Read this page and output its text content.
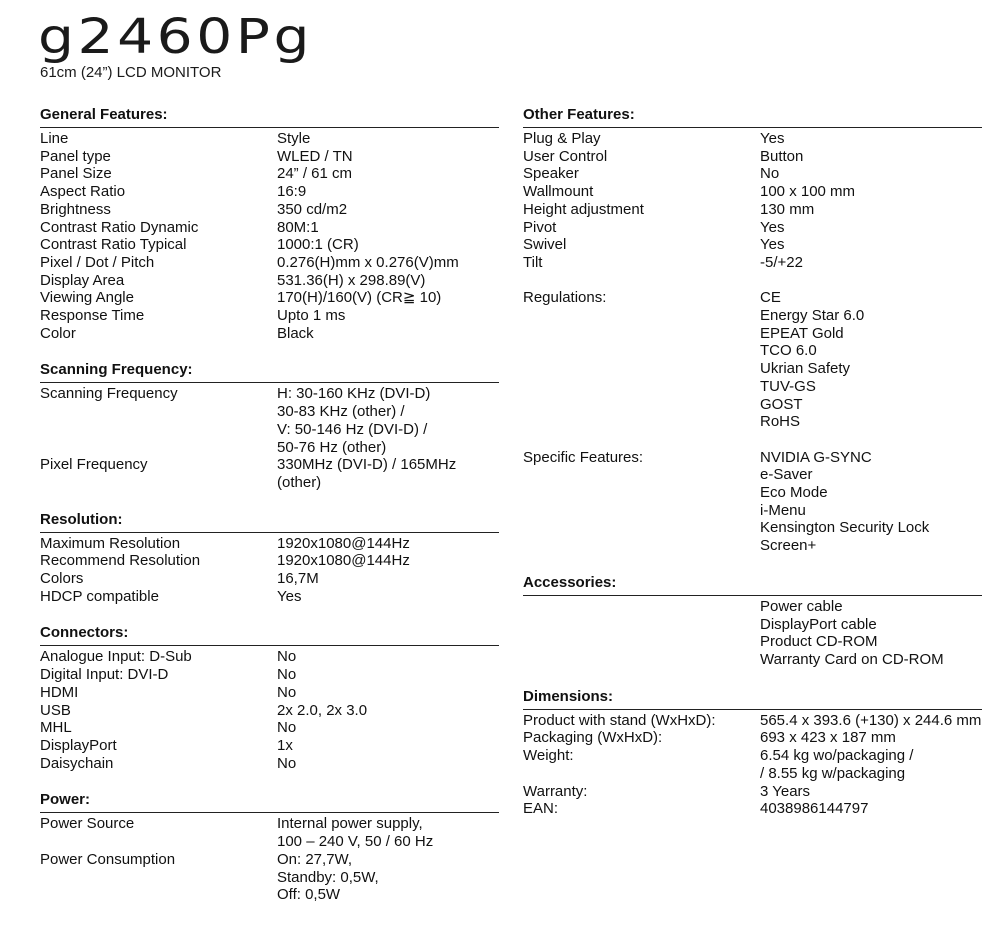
g2460Pg
61cm (24”) LCD MONITOR
General Features:
Line	Style
Panel type	WLED / TN
Panel Size	24” / 61 cm
Aspect Ratio	16:9
Brightness	350 cd/m2
Contrast Ratio Dynamic	80M:1
Contrast Ratio Typical	1000:1 (CR)
Pixel / Dot / Pitch	0.276(H)mm x 0.276(V)mm
Display Area	531.36(H) x 298.89(V)
Viewing Angle	170(H)/160(V) (CR≧ 10)
Response Time	Upto 1 ms
Color	Black
Scanning Frequency:
Scanning Frequency	H: 30-160 KHz (DVI-D)
30-83 KHz (other) /
V: 50-146 Hz (DVI-D) /
50-76 Hz (other)
Pixel Frequency	330MHz (DVI-D) / 165MHz
(other)
Resolution:
Maximum Resolution	1920x1080@144Hz
Recommend Resolution	1920x1080@144Hz
Colors	16,7M
HDCP compatible	Yes
Connectors:
Analogue Input: D-Sub	No
Digital Input: DVI-D	No
HDMI	No
USB	2x 2.0, 2x 3.0
MHL	No
DisplayPort	1x
Daisychain	No
Power:
Power Source	Internal power supply,
100 – 240 V, 50 / 60 Hz
Power Consumption	On: 27,7W,
Standby: 0,5W,
Off: 0,5W
Other Features:
Plug & Play	Yes
User Control	Button
Speaker	No
Wallmount	100 x 100 mm
Height adjustment	130 mm
Pivot	Yes
Swivel	Yes
Tilt	-5/+22

Regulations:	CE
Energy Star 6.0
EPEAT Gold
TCO 6.0
Ukrian Safety
TUV-GS
GOST
RoHS

Specific Features:	NVIDIA G-SYNC
e-Saver
Eco Mode
i-Menu
Kensington Security Lock
Screen+
Accessories:
Power cable
DisplayPort cable
Product CD-ROM
Warranty Card on CD-ROM
Dimensions:
Product with stand (WxHxD):	565.4 x 393.6 (+130) x 244.6 mm
Packaging (WxHxD):	693 x 423 x 187 mm
Weight:	6.54 kg wo/packaging /
/ 8.55 kg w/packaging
Warranty:	3 Years
EAN:	4038986144797
